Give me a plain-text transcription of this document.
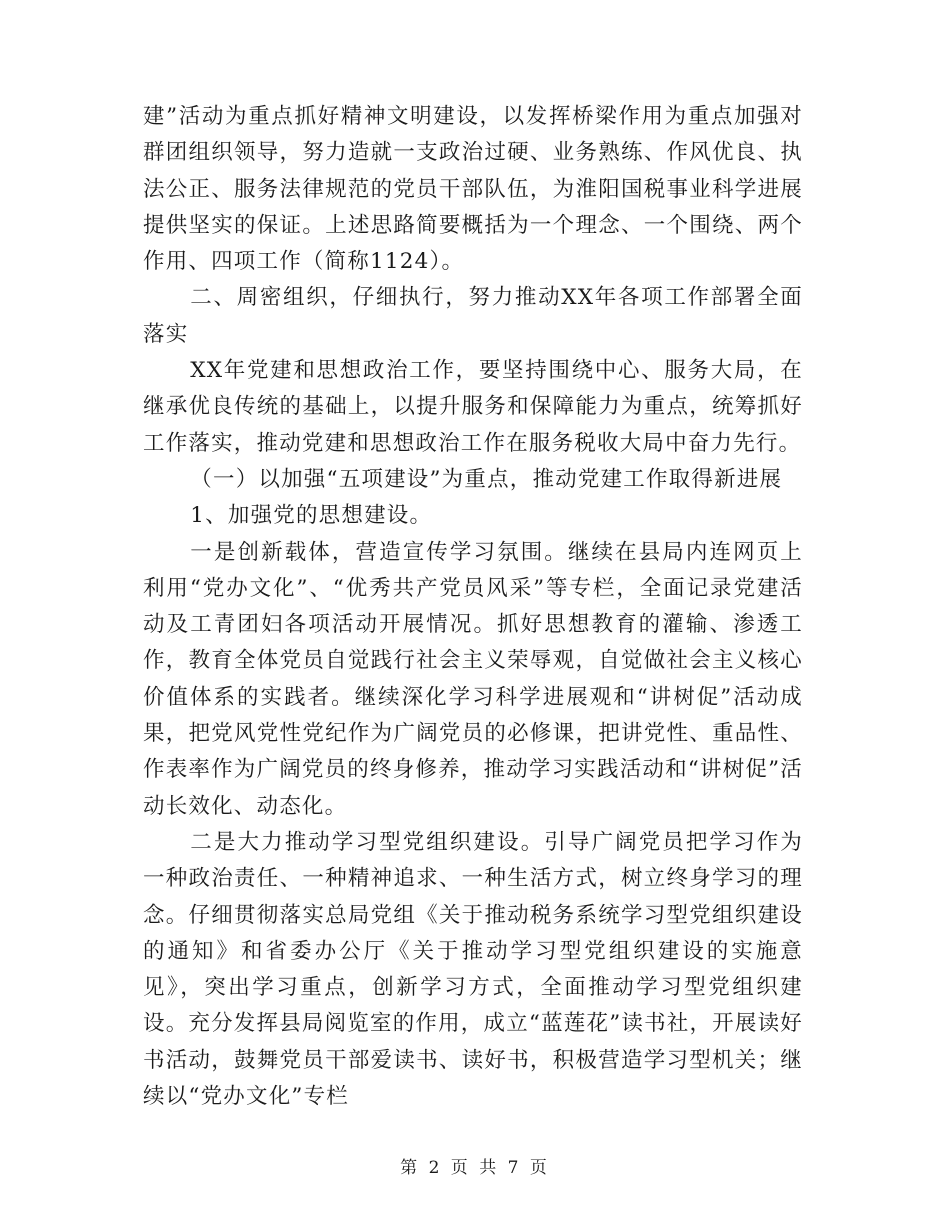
建”活动为重点抓好精神文明建设，以发挥桥梁作用为重点加强对群团组织领导，努力造就一支政治过硬、业务熟练、作风优良、执法公正、服务法律规范的党员干部队伍，为淮阳国税事业科学进展提供坚实的保证。上述思路简要概括为一个理念、一个围绕、两个作用、四项工作（简称1124）。

二、周密组织，仔细执行，努力推动XX年各项工作部署全面落实

XX年党建和思想政治工作，要坚持围绕中心、服务大局，在继承优良传统的基础上，以提升服务和保障能力为重点，统筹抓好工作落实，推动党建和思想政治工作在服务税收大局中奋力先行。

（一）以加强“五项建设”为重点，推动党建工作取得新进展

1、加强党的思想建设。

一是创新载体，营造宣传学习氛围。继续在县局内连网页上利用“党办文化”、“优秀共产党员风采”等专栏，全面记录党建活动及工青团妇各项活动开展情况。抓好思想教育的灌输、渗透工作，教育全体党员自觉践行社会主义荣辱观，自觉做社会主义核心价值体系的实践者。继续深化学习科学进展观和“讲树促”活动成果，把党风党性党纪作为广阔党员的必修课，把讲党性、重品性、作表率作为广阔党员的终身修养，推动学习实践活动和“讲树促”活动长效化、动态化。

二是大力推动学习型党组织建设。引导广阔党员把学习作为一种政治责任、一种精神追求、一种生活方式，树立终身学习的理念。仔细贯彻落实总局党组《关于推动税务系统学习型党组织建设的通知》和省委办公厅《关于推动学习型党组织建设的实施意见》，突出学习重点，创新学习方式，全面推动学习型党组织建设。充分发挥县局阅览室的作用，成立“蓝莲花”读书社，开展读好书活动，鼓舞党员干部爱读书、读好书，积极营造学习型机关；继续以“党办文化”专栏

第 2 页 共 7 页
